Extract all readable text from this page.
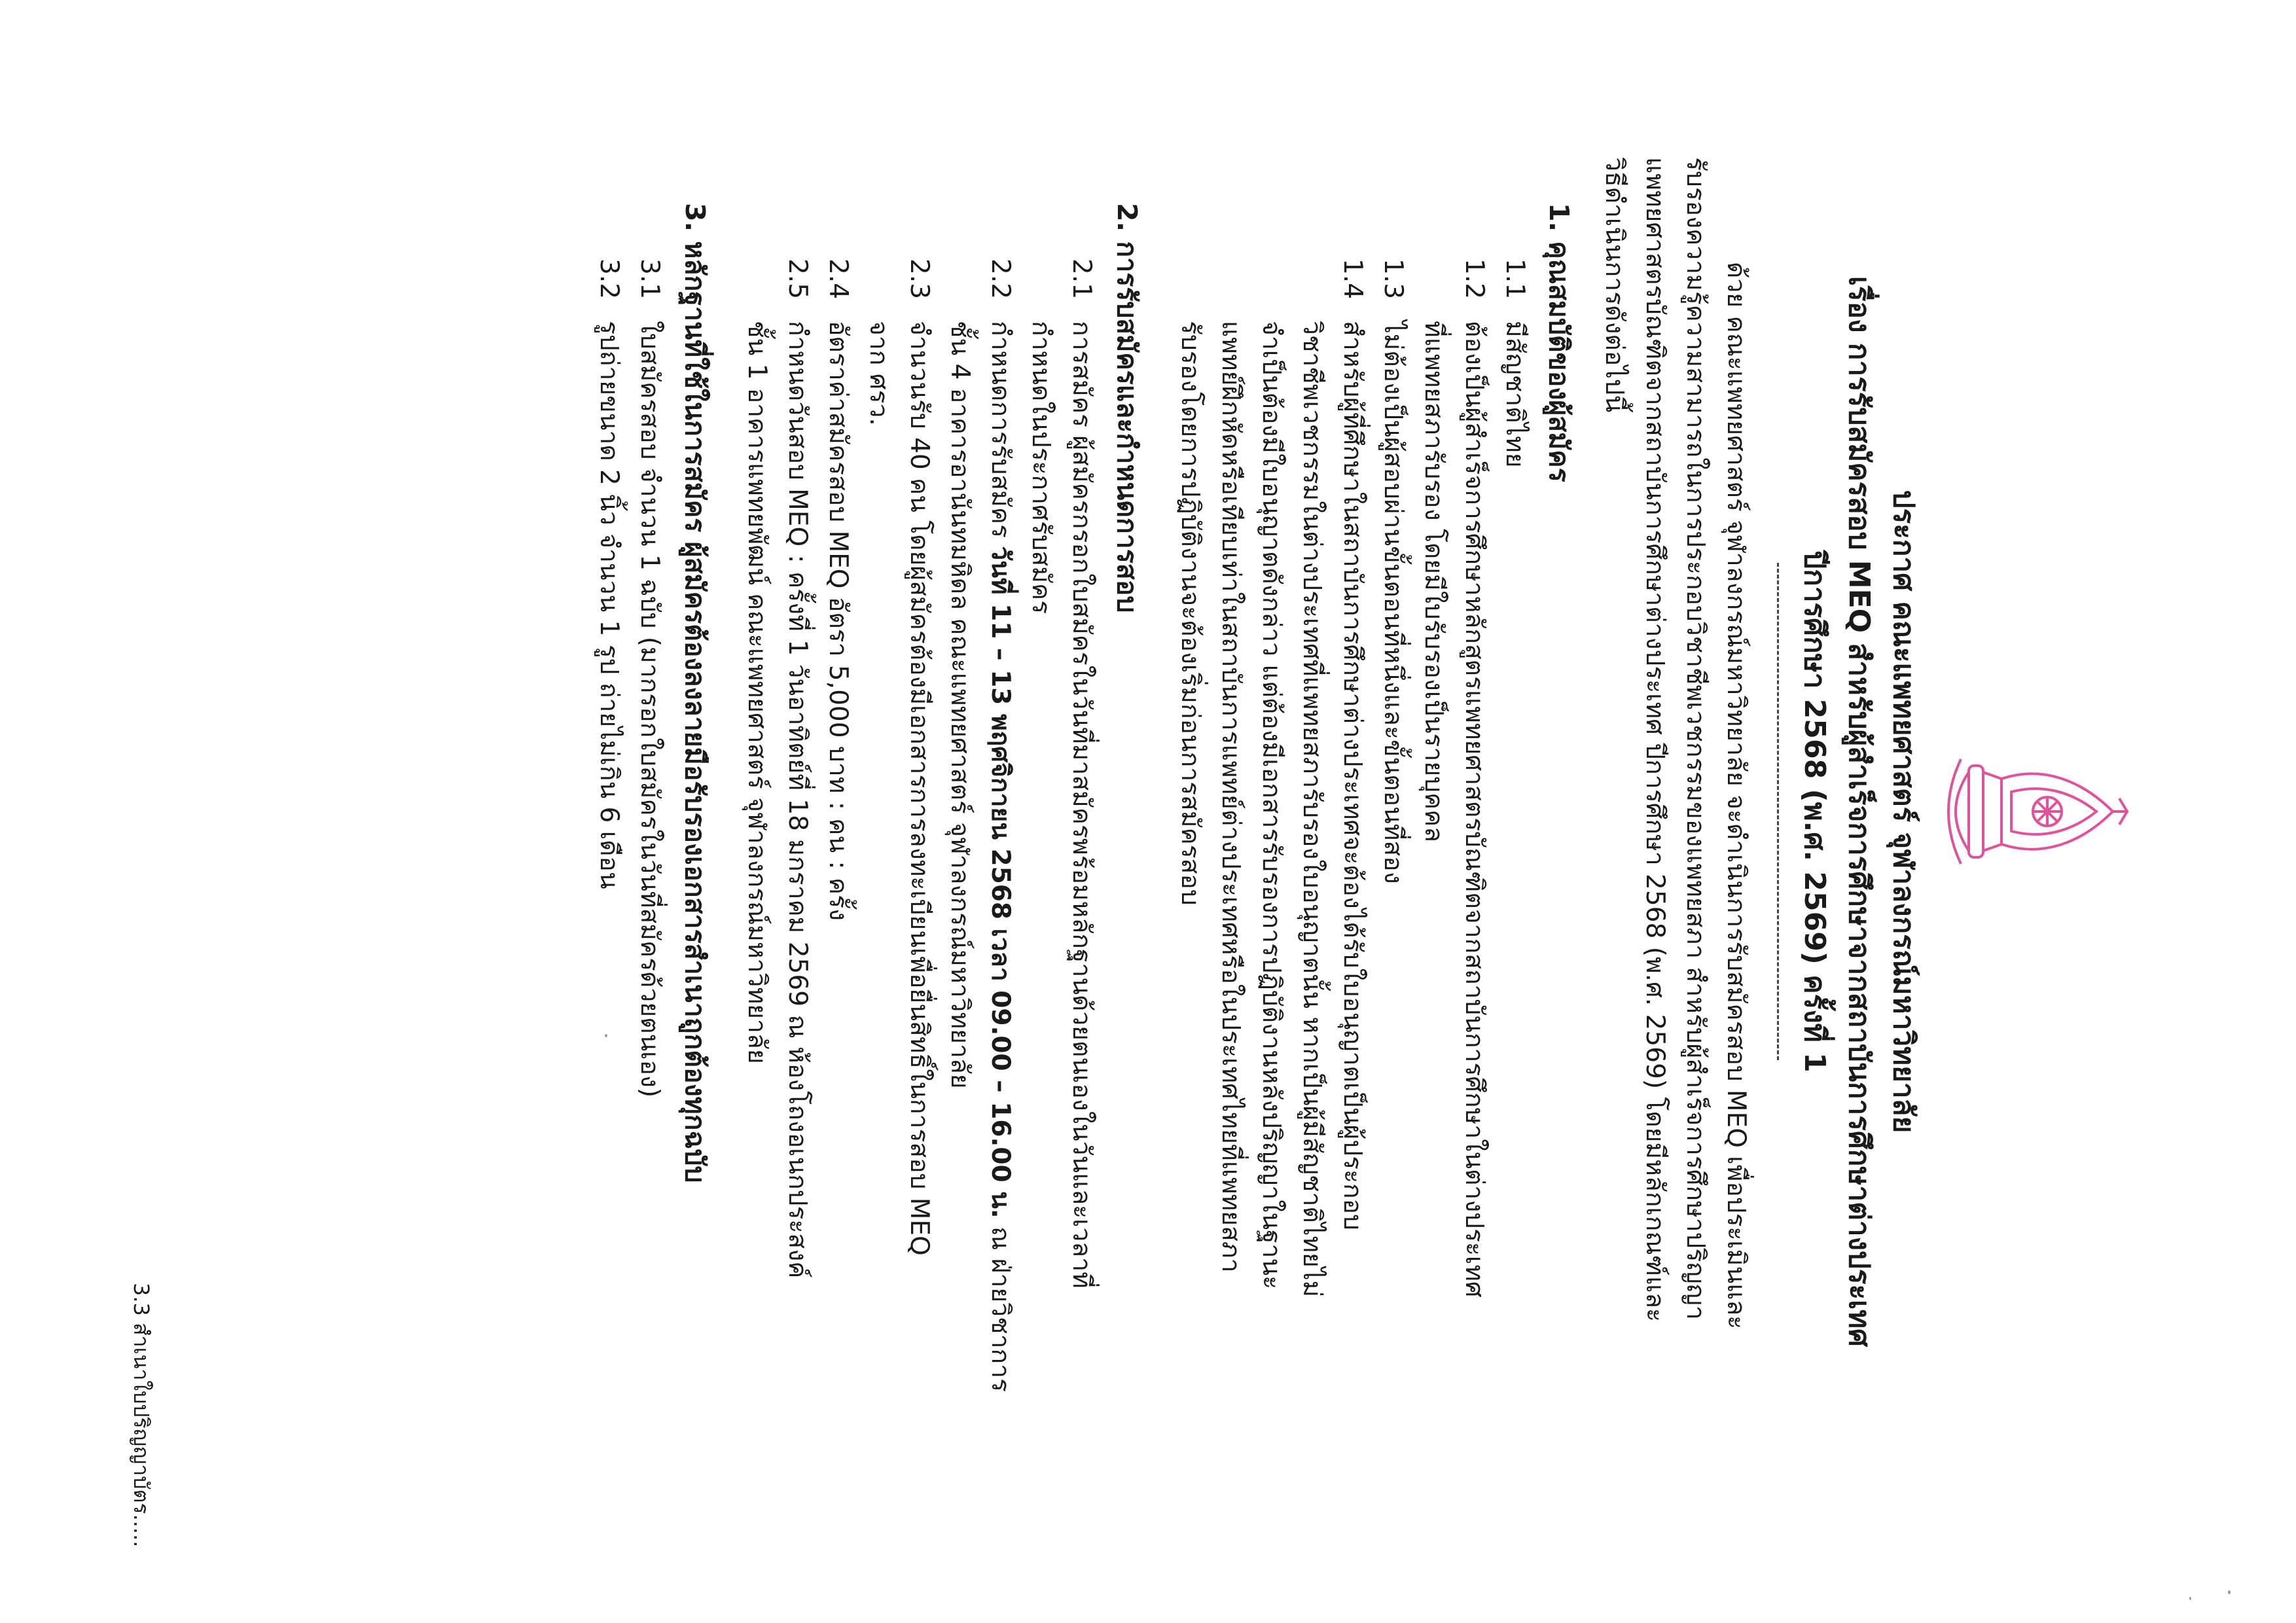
ประกาศ คณะแพทยศาสตร์ จุฬาลงกรณ์มหาวิทยาลัย
เรื่อง การรับสมัครสอบ MEQ สำหรับผู้สำเร็จการศึกษาจากสถาบันการศึกษาต่างประเทศ
ปีการศึกษา 2568 (พ.ศ. 2569) ครั้งที่ 1
ด้วย คณะแพทยศาสตร์ จุฬาลงกรณ์มหาวิทยาลัย จะดำเนินการรับสมัครสอบ MEQ เพื่อประเมินและ
รับรองความรู้ความสามารถในการประกอบวิชาชีพเวชกรรมของแพทยสภา สำหรับผู้สำเร็จการศึกษาปริญญา
แพทยศาสตรบัณฑิตจากสถาบันการศึกษาต่างประเทศ ปีการศึกษา 2568 (พ.ศ. 2569) โดยมีหลักเกณฑ์และ
วิธีดำเนินการดังต่อไปนี้
1. คุณสมบัติของผู้สมัคร
1.1
มีสัญชาติไทย
1.2
ต้องเป็นผู้สำเร็จการศึกษาหลักสูตรแพทยศาสตรบัณฑิตจากสถาบันการศึกษาในต่างประเทศ
ที่แพทยสภารับรอง โดยมีใบรับรองเป็นรายบุคคล
1.3
ไม่ต้องเป็นผู้สอบผ่านขั้นตอนที่หนึ่งและขั้นตอนที่สอง
1.4
สำหรับผู้ที่ศึกษาในสถาบันการศึกษาต่างประเทศจะต้องได้รับใบอนุญาตเป็นผู้ประกอบ
วิชาชีพเวชกรรมในต่างประเทศที่แพทยสภารับรองใบอนุญาตนั้น หากเป็นผู้มีสัญชาติไทยไม่
จำเป็นต้องมีใบอนุญาตดังกล่าว แต่ต้องมีเอกสารรับรองการปฏิบัติงานหลังปริญญาในฐานะ
แพทย์ฝึกหัดหรือเทียบเท่าในสถาบันการแพทย์ต่างประเทศหรือในประเทศไทยที่แพทยสภา
รับรองโดยการปฏิบัติงานจะต้องเริ่มก่อนการสมัครสอบ
2. การรับสมัครและกำหนดการสอบ
2.1
การสมัคร ผู้สมัครกรอกใบสมัครในวันที่มาสมัครพร้อมหลักฐานด้วยตนเองในวันและเวลาที่
กำหนดในประกาศรับสมัคร
2.2
กำหนดการรับสมัคร วันที่ 11 – 13 พฤศจิกายน 2568 เวลา 09.00 – 16.00 น. ณ ฝ่ายวิชาการ
ชั้น 4 อาคารอานันทมหิดล คณะแพทยศาสตร์ จุฬาลงกรณ์มหาวิทยาลัย
2.3
จำนวนรับ 40 คน โดยผู้สมัครต้องมีเอกสารการลงทะเบียนเพื่อยื่นสิทธิ์ในการสอบ MEQ
จาก ศรว.
2.4
อัตราค่าสมัครสอบ MEQ อัตรา 5,000 บาท : คน : ครั้ง
2.5
กำหนดวันสอบ MEQ : ครั้งที่ 1 วันอาทิตย์ที่ 18 มกราคม 2569 ณ ห้องโถงอเนกประสงค์
ชั้น 1 อาคารแพทยพัฒน์ คณะแพทยศาสตร์ จุฬาลงกรณ์มหาวิทยาลัย
3. หลักฐานที่ใช้ในการสมัคร ผู้สมัครต้องลงลายมือรับรองเอกสารสำเนาถูกต้องทุกฉบับ
3.1
ใบสมัครสอบ จำนวน 1 ฉบับ (มากรอกใบสมัครในวันที่สมัครด้วยตนเอง)
3.2
รูปถ่ายขนาด 2 นิ้ว จำนวน 1 รูป ถ่ายไม่เกิน 6 เดือน
3.3 สำเนาใบปริญญาบัตร.....
